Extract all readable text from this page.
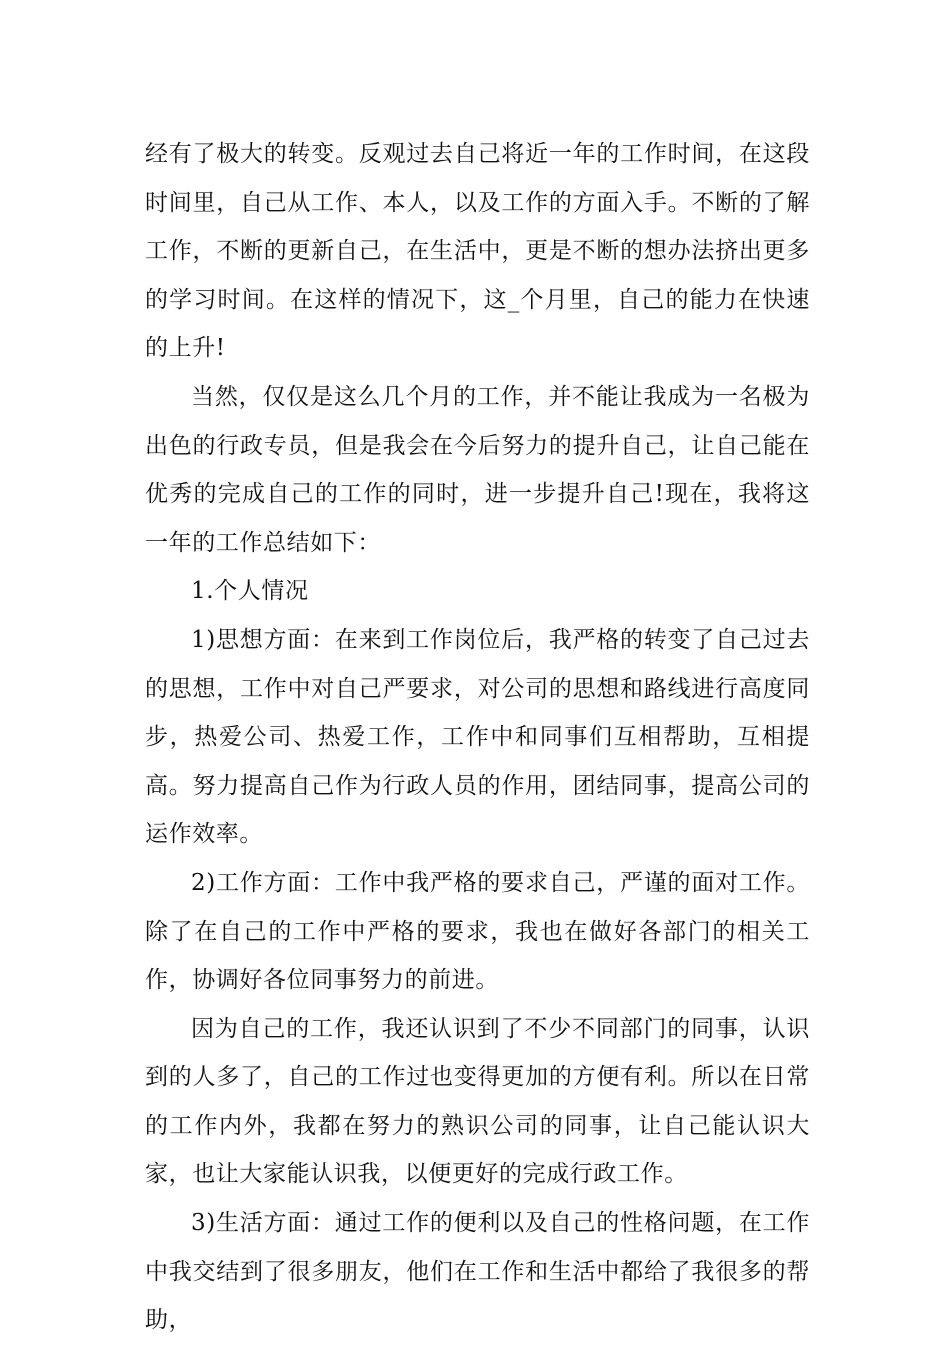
经有了极大的转变。反观过去自己将近一年的工作时间，在这段时间里，自己从工作、本人，以及工作的方面入手。不断的了解工作，不断的更新自己，在生活中，更是不断的想办法挤出更多的学习时间。在这样的情况下，这_个月里，自己的能力在快速的上升!

当然，仅仅是这么几个月的工作，并不能让我成为一名极为出色的行政专员，但是我会在今后努力的提升自己，让自己能在优秀的完成自己的工作的同时，进一步提升自己!现在，我将这一年的工作总结如下：

1.个人情况

1)思想方面：在来到工作岗位后，我严格的转变了自己过去的思想，工作中对自己严要求，对公司的思想和路线进行高度同步，热爱公司、热爱工作，工作中和同事们互相帮助，互相提高。努力提高自己作为行政人员的作用，团结同事，提高公司的运作效率。

2)工作方面：工作中我严格的要求自己，严谨的面对工作。除了在自己的工作中严格的要求，我也在做好各部门的相关工作，协调好各位同事努力的前进。

因为自己的工作，我还认识到了不少不同部门的同事，认识到的人多了，自己的工作过也变得更加的方便有利。所以在日常的工作内外，我都在努力的熟识公司的同事，让自己能认识大家，也让大家能认识我，以便更好的完成行政工作。

3)生活方面：通过工作的便利以及自己的性格问题，在工作中我交结到了很多朋友，他们在工作和生活中都给了我很多的帮助，
